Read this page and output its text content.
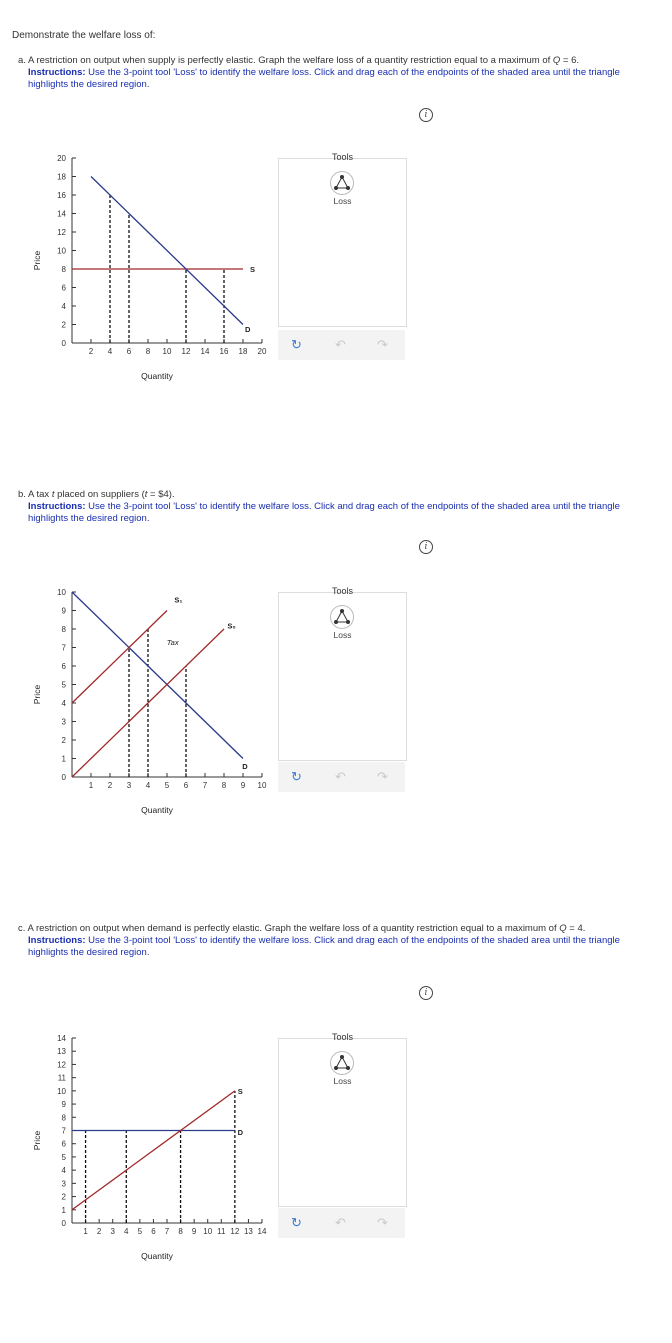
Demonstrate the welfare loss of:
a. A restriction on output when supply is perfectly elastic. Graph the welfare loss of a quantity restriction equal to a maximum of Q = 6.
Instructions: Use the 3-point tool 'Loss' to identify the welfare loss. Click and drag each of the endpoints of the shaded area until the triangle highlights the desired region.
i
2 4 6 8 10 12 14 16 18 20
2
4
6
8
10
12
14
16
18
20
0
Quantity
Price	S
D
Tools
Loss
↻	↶ ↷
b. A tax t placed on suppliers (t = $4).
Instructions: Use the 3-point tool 'Loss' to identify the welfare loss. Click and drag each of the endpoints of the shaded area until the triangle highlights the desired region.
i
1 2 3 4 5 6 7 8 9 10
1
2
3
4
5
6
7
8
9
10
0
Quantity
Price
S₁
S₀
D
Tax
Tools
Loss
↻	↶ ↷
c. A restriction on output when demand is perfectly elastic. Graph the welfare loss of a quantity restriction equal to a maximum of Q = 4.
Instructions: Use the 3-point tool 'Loss' to identify the welfare loss. Click and drag each of the endpoints of the shaded area until the triangle highlights the desired region.
i
1 2 3 4 5 6 7 8 9 10 11 12 13 14
1
2
3
4
5
6
7
8
9
10
11
12
13
14
0
Quantity
Price
S
D
Tools
Loss
↻	↶ ↷
